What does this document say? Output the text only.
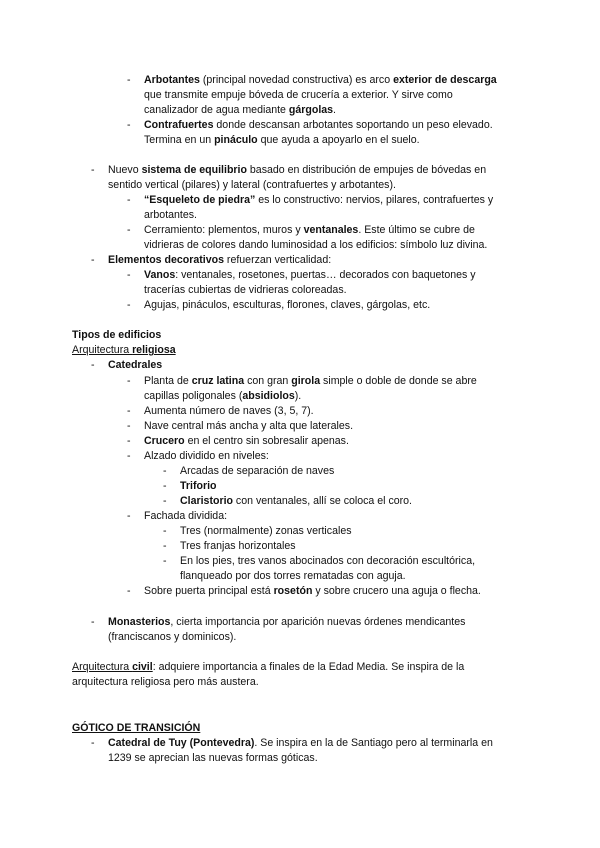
- Arbotantes (principal novedad constructiva) es arco exterior de descarga
que transmite empuje bóveda de crucería a exterior. Y sirve como
canalizador de agua mediante gárgolas.
- Contrafuertes donde descansan arbotantes soportando un peso elevado.
Termina en un pináculo que ayuda a apoyarlo en el suelo.
- Nuevo sistema de equilibrio basado en distribución de empujes de bóvedas en
sentido vertical (pilares) y lateral (contrafuertes y arbotantes).
- “Esqueleto de piedra” es lo constructivo: nervios, pilares, contrafuertes y
arbotantes.
- Cerramiento: plementos, muros y ventanales. Este último se cubre de
vidrieras de colores dando luminosidad a los edificios: símbolo luz divina.
- Elementos decorativos refuerzan verticalidad:
- Vanos: ventanales, rosetones, puertas… decorados con baquetones y
tracerías cubiertas de vidrieras coloreadas.
- Agujas, pináculos, esculturas, florones, claves, gárgolas, etc.
Tipos de edificios
Arquitectura religiosa
- Catedrales
- Planta de cruz latina con gran girola simple o doble de donde se abre
capillas poligonales (absidiolos).
- Aumenta número de naves (3, 5, 7).
- Nave central más ancha y alta que laterales.
- Crucero en el centro sin sobresalir apenas.
- Alzado dividido en niveles:
- Arcadas de separación de naves
- Triforio
- Claristorio con ventanales, allí se coloca el coro.
- Fachada dividida:
- Tres (normalmente) zonas verticales
- Tres franjas horizontales
- En los pies, tres vanos abocinados con decoración escultórica,
flanqueado por dos torres rematadas con aguja.
- Sobre puerta principal está rosetón y sobre crucero una aguja o flecha.
- Monasterios, cierta importancia por aparición nuevas órdenes mendicantes
(franciscanos y dominicos).
Arquitectura civil: adquiere importancia a finales de la Edad Media. Se inspira de la
arquitectura religiosa pero más austera.
GÓTICO DE TRANSICIÓN
- Catedral de Tuy (Pontevedra). Se inspira en la de Santiago pero al terminarla en
1239 se aprecian las nuevas formas góticas.
